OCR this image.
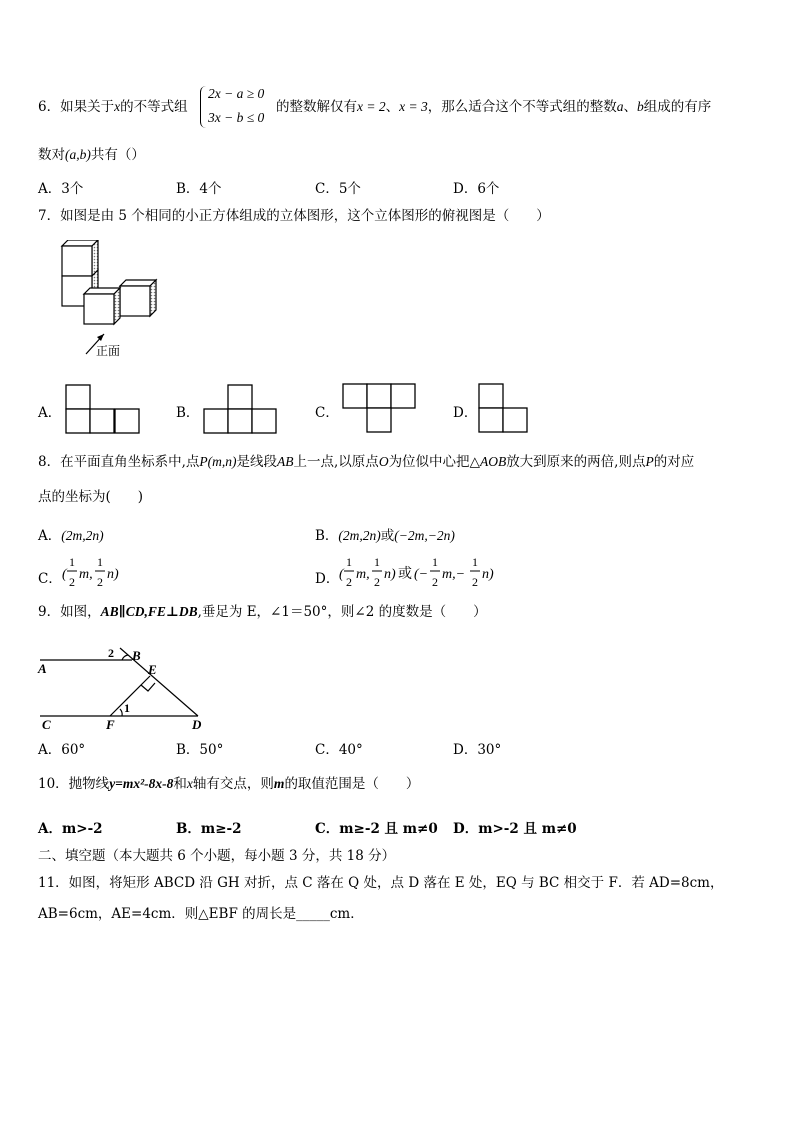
6．如果关于x的不等式组
2x − a ≥ 0
3x − b ≤ 0
的整数解仅有x = 2、x = 3，那么适合这个不等式组的整数a、b组成的有序
数对(a,b)共有（）
A．3个	B．4个	C．5个	D．6个
7．如图是由 5 个相同的小正方体组成的立体图形，这个立体图形的俯视图是（　　）
正面
A．	B．	C．	D．
8．在平面直角坐标系中,点P(m,n)是线段AB上一点,以原点O为位似中心把△AOB放大到原来的两倍,则点P的对应
点的坐标为(　　)
A．(2m,2n)	B．(2m,2n)或(−2m,−2n)
C． (
1
2 m,
1
2 n)	D． (
1
2 m,
1
2 n) 或 (−
1
2 m,−
1
2 n)
9．如图，AB∥CD,FE⊥DB,垂足为 E，∠1＝50°，则∠2 的度数是（　　）
A
B
C	D
E
F
1
2
A．60°	B．50°	C．40°	D．30°
10．抛物线y=mx²-8x-8和x轴有交点，则m的取值范围是（　　）
A．m>-2	B．m≥-2	C．m≥-2 且 m≠0 D．m>-2 且 m≠0
二、填空题（本大题共 6 个小题，每小题 3 分，共 18 分）
11．如图，将矩形 ABCD 沿 GH 对折，点 C 落在 Q 处，点 D 落在 E 处，EQ 与 BC 相交于 F．若 AD=8cm，
AB=6cm，AE=4cm．则△EBF 的周长是_____cm．
